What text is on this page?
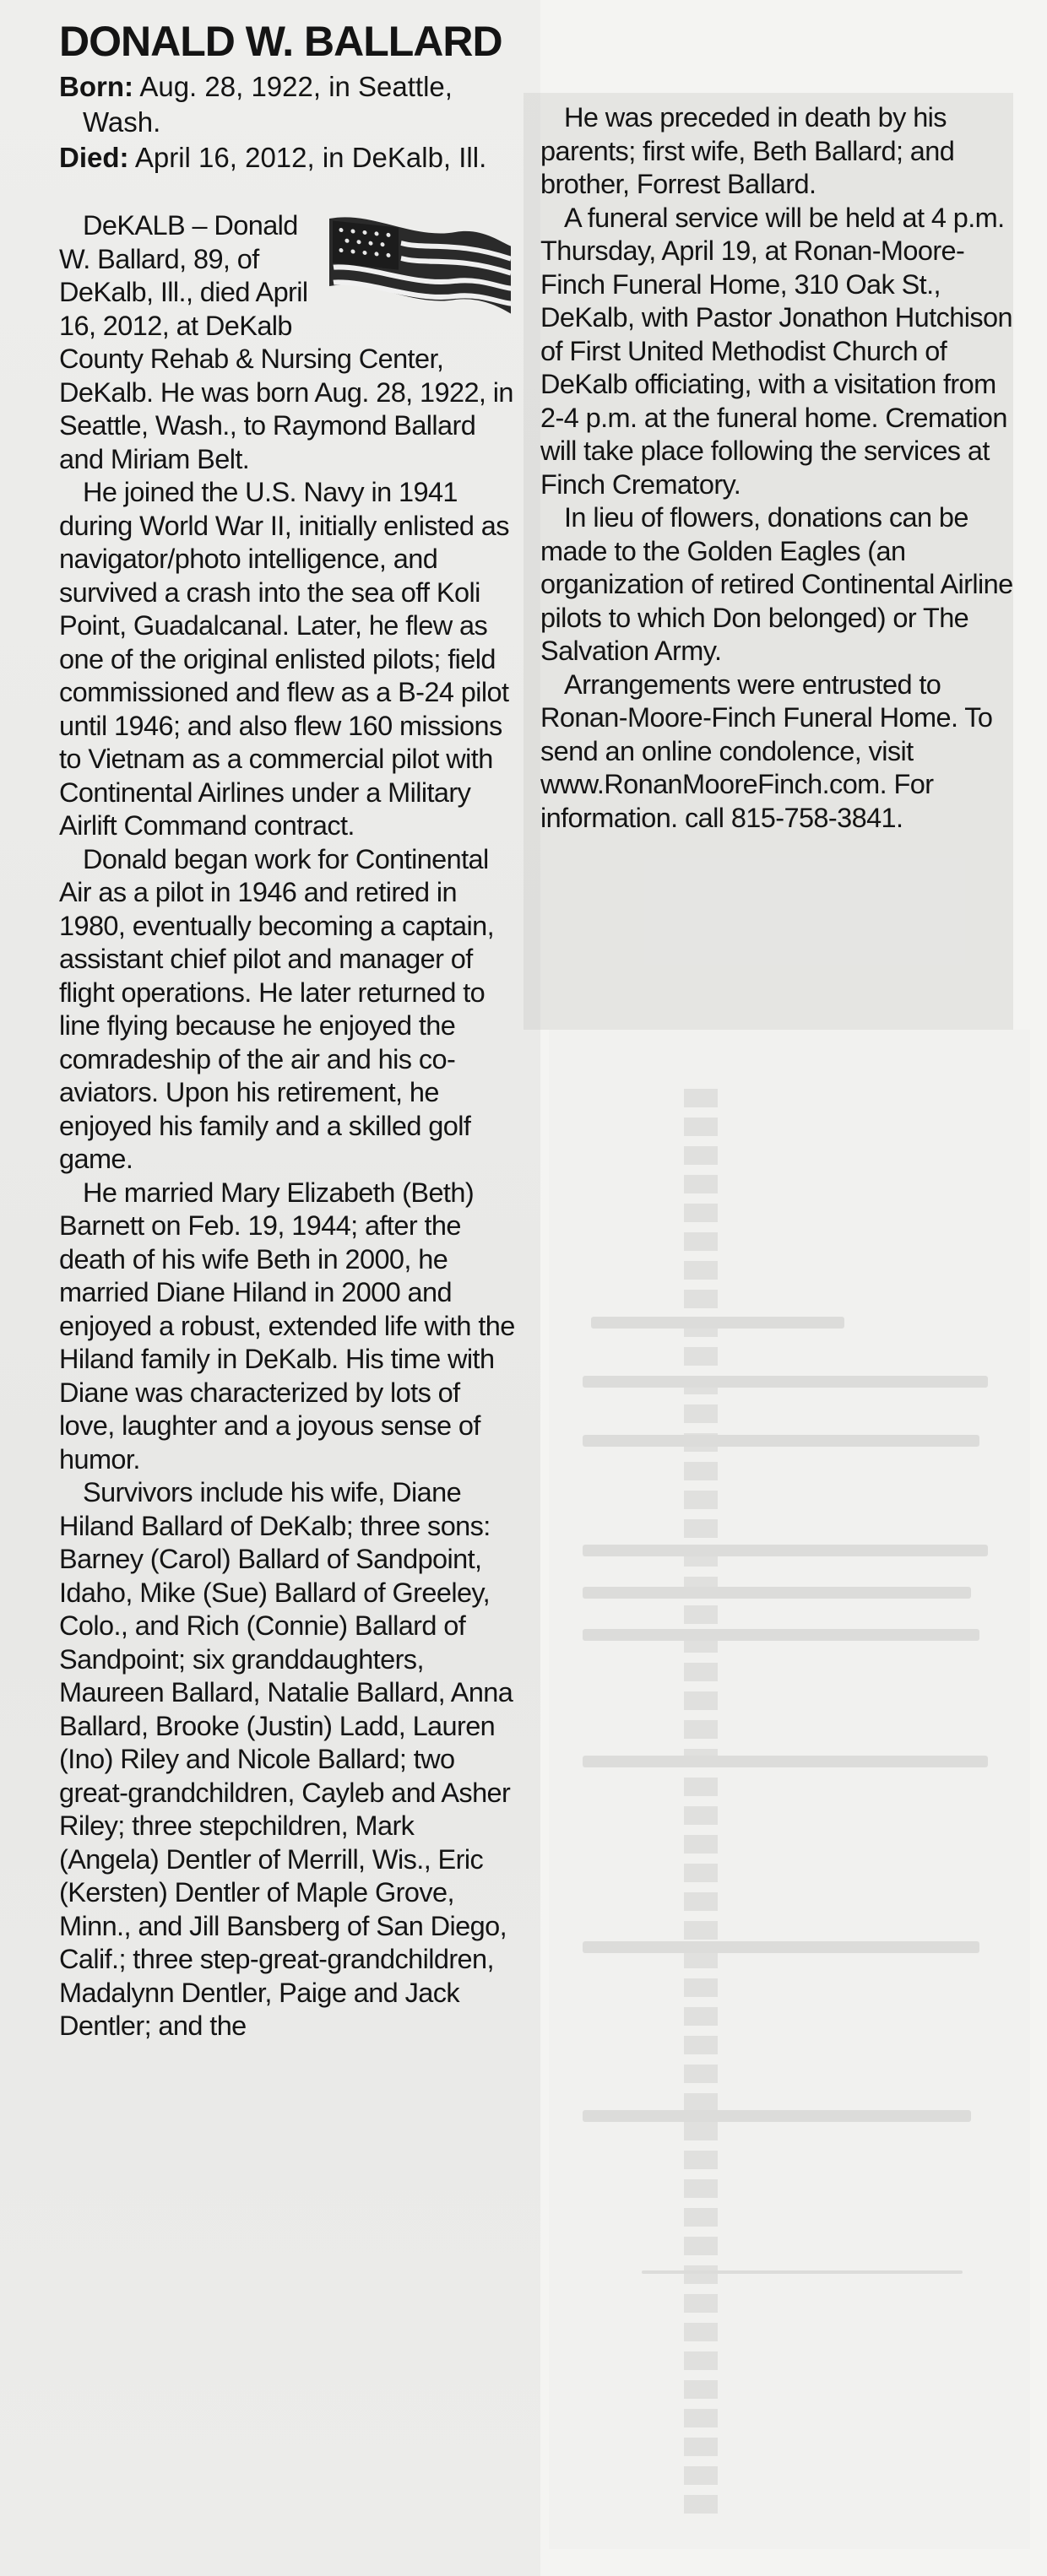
DONALD W. BALLARD

Born: Aug. 28, 1922, in Seattle,
Wash.

Died: April 16, 2012, in DeKalb, Ill.

DeKALB – Donald W. Ballard, 89, of DeKalb, Ill., died April 16, 2012, at DeKalb County Rehab & Nursing Center, DeKalb. He was born Aug. 28, 1922, in Seattle, Wash., to Raymond Ballard and Miriam Belt.

He joined the U.S. Navy in 1941 during World War II, initially enlisted as navigator/photo intelligence, and survived a crash into the sea off Koli Point, Guadalcanal. Later, he flew as one of the original enlisted pilots; field commissioned and flew as a B-24 pilot until 1946; and also flew 160 missions to Vietnam as a commercial pilot with Continental Airlines under a Military Airlift Command contract.

Donald began work for Continental Air as a pilot in 1946 and retired in 1980, eventually becoming a captain, assistant chief pilot and manager of flight operations. He later returned to line flying because he enjoyed the comradeship of the air and his co-aviators. Upon his retirement, he enjoyed his family and a skilled golf game.

He married Mary Elizabeth (Beth) Barnett on Feb. 19, 1944; after the death of his wife Beth in 2000, he married Diane Hiland in 2000 and enjoyed a robust, extended life with the Hiland family in DeKalb. His time with Diane was characterized by lots of love, laughter and a joyous sense of humor.

Survivors include his wife, Diane Hiland Ballard of DeKalb; three sons: Barney (Carol) Ballard of Sandpoint, Idaho, Mike (Sue) Ballard of Greeley, Colo., and Rich (Connie) Ballard of Sandpoint; six granddaughters, Maureen Ballard, Natalie Ballard, Anna Ballard, Brooke (Justin) Ladd, Lauren (Ino) Riley and Nicole Ballard; two great-grandchildren, Cayleb and Asher Riley; three stepchildren, Mark (Angela) Dentler of Merrill, Wis., Eric (Kersten) Dentler of Maple Grove, Minn., and Jill Bansberg of San Diego, Calif.; three step-great-grandchildren, Madalynn Dentler, Paige and Jack Dentler; and the

He was preceded in death by his parents; first wife, Beth Ballard; and brother, Forrest Ballard.

A funeral service will be held at 4 p.m. Thursday, April 19, at Ronan-Moore-Finch Funeral Home, 310 Oak St., DeKalb, with Pastor Jonathon Hutchison of First United Methodist Church of DeKalb officiating, with a visitation from 2-4 p.m. at the funeral home. Cremation will take place following the services at Finch Crematory.

In lieu of flowers, donations can be made to the Golden Eagles (an organization of retired Continental Airline pilots to which Don belonged) or The Salvation Army.

Arrangements were entrusted to Ronan-Moore-Finch Funeral Home. To send an online condolence, visit www.RonanMooreFinch.com. For information. call 815-758-3841.
